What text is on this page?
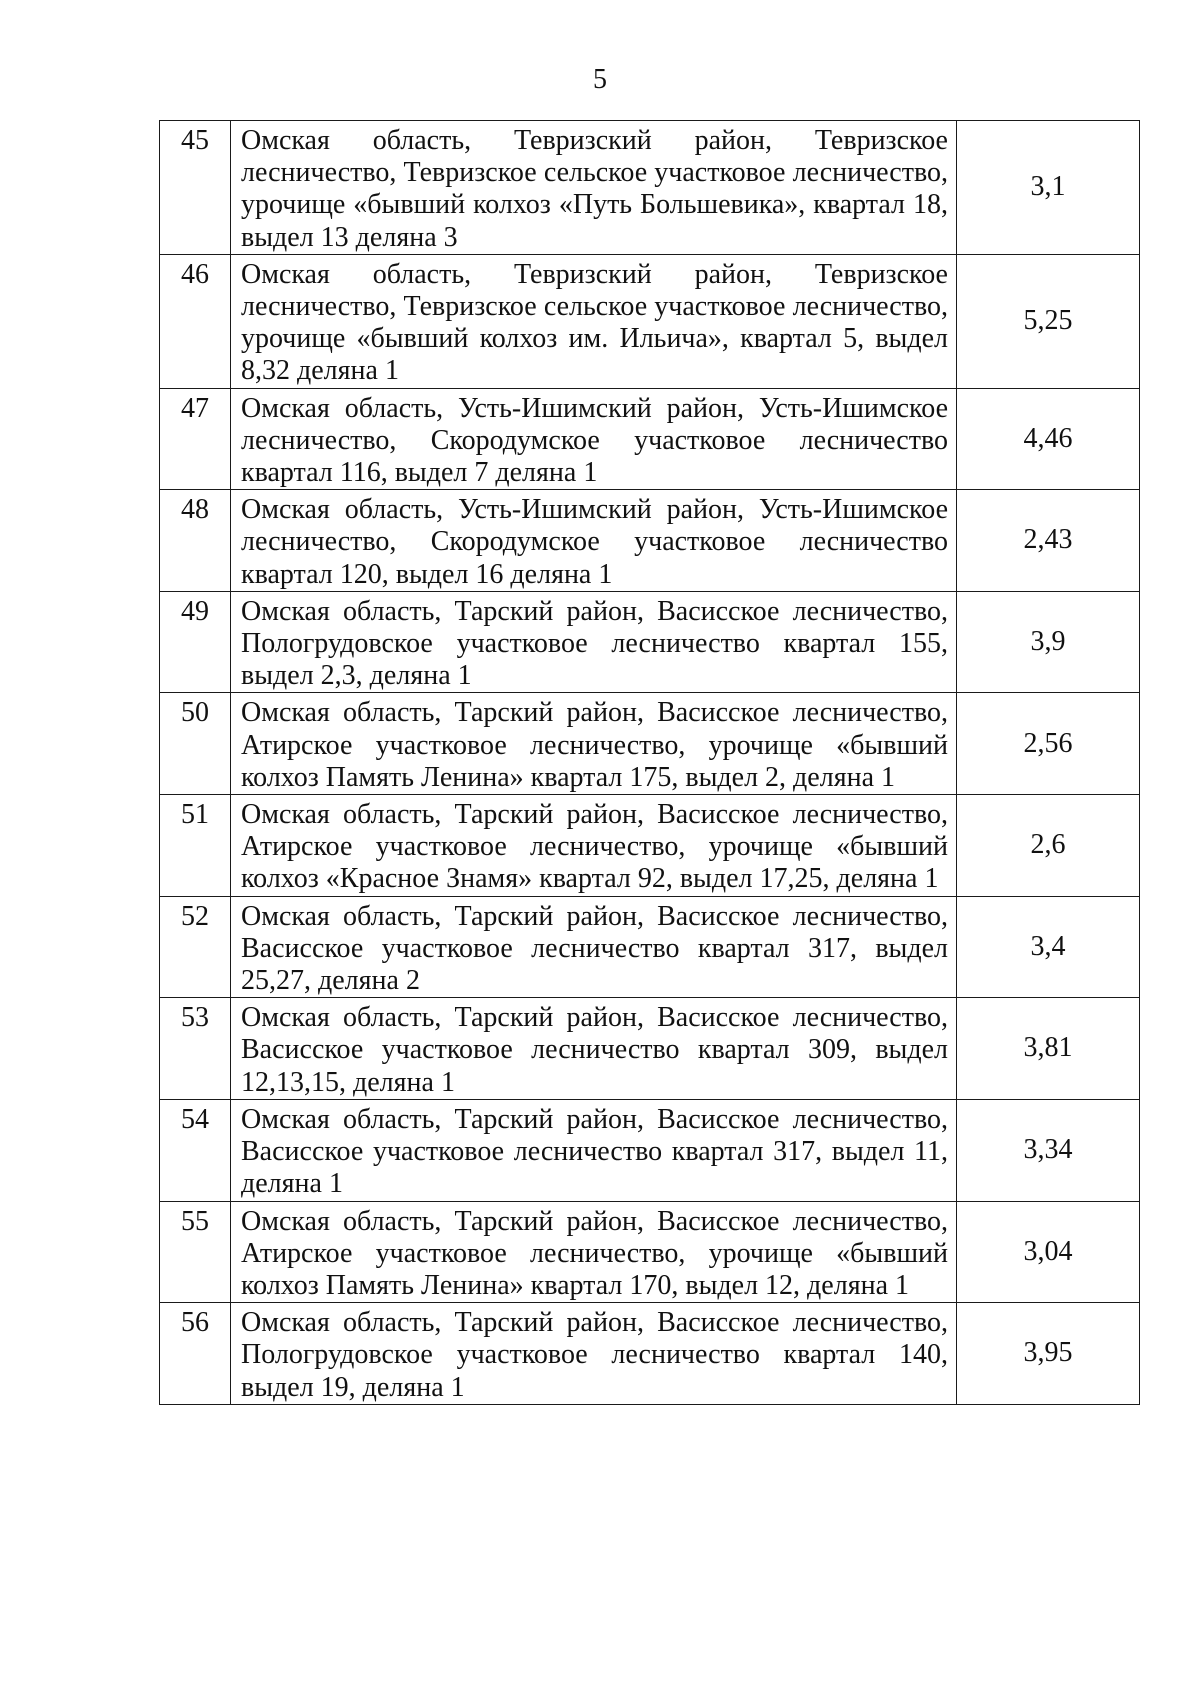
5
45	Омская область, Тевризский район, Тевризское лесничество, Тевризское сельское участковое лесничество, урочище «бывший колхоз «Путь Большевика», квартал 18, выдел 13 деляна 3	3,1
46	Омская область, Тевризский район, Тевризское лесничество, Тевризское сельское участковое лесничество, урочище «бывший колхоз им. Ильича», квартал 5, выдел 8,32 деляна 1	5,25
47	Омская область, Усть-Ишимский район, Усть-Ишимское лесничество, Скородумское участковое лесничество квартал 116, выдел 7 деляна 1	4,46
48	Омская область, Усть-Ишимский район, Усть-Ишимское лесничество, Скородумское участковое лесничество квартал 120, выдел 16 деляна 1	2,43
49	Омская область, Тарский район, Васисское лесничество, Пологрудовское участковое лесничество квартал 155, выдел 2,3, деляна 1	3,9
50	Омская область, Тарский район, Васисское лесничество, Атирское участковое лесничество, урочище «бывший колхоз Память Ленина» квартал 175, выдел 2, деляна 1	2,56
51	Омская область, Тарский район, Васисское лесничество, Атирское участковое лесничество, урочище «бывший колхоз «Красное Знамя» квартал 92, выдел 17,25, деляна 1	2,6
52	Омская область, Тарский район, Васисское лесничество, Васисское участковое лесничество квартал 317, выдел 25,27, деляна 2	3,4
53	Омская область, Тарский район, Васисское лесничество, Васисское участковое лесничество квартал 309, выдел 12,13,15, деляна 1	3,81
54	Омская область, Тарский район, Васисское лесничество, Васисское участковое лесничество квартал 317, выдел 11, деляна 1	3,34
55	Омская область, Тарский район, Васисское лесничество, Атирское участковое лесничество, урочище «бывший колхоз Память Ленина» квартал 170, выдел 12, деляна 1	3,04
56	Омская область, Тарский район, Васисское лесничество, Пологрудовское участковое лесничество квартал 140, выдел 19, деляна 1	3,95
